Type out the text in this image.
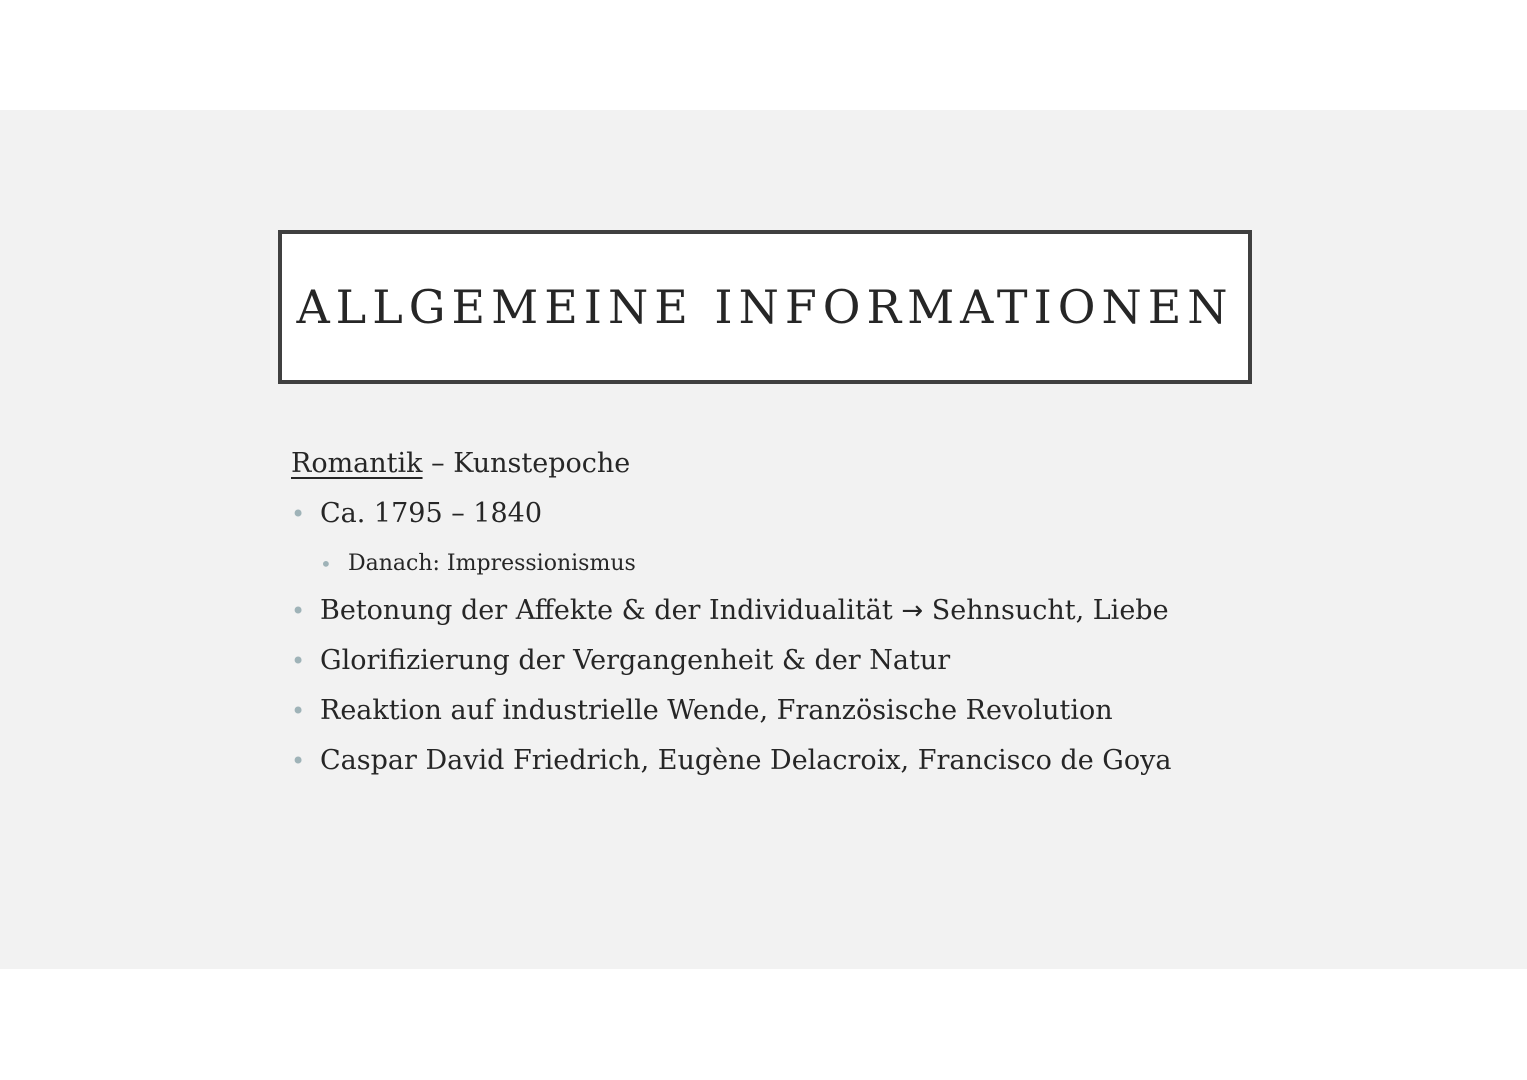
ALLGEMEINE INFORMATIONEN
Romantik – Kunstepoche
• Ca. 1795 – 1840
• Danach: Impressionismus
• Betonung der Affekte & der Individualität → Sehnsucht, Liebe
• Glorifizierung der Vergangenheit & der Natur
• Reaktion auf industrielle Wende, Französische Revolution
• Caspar David Friedrich, Eugène Delacroix, Francisco de Goya
